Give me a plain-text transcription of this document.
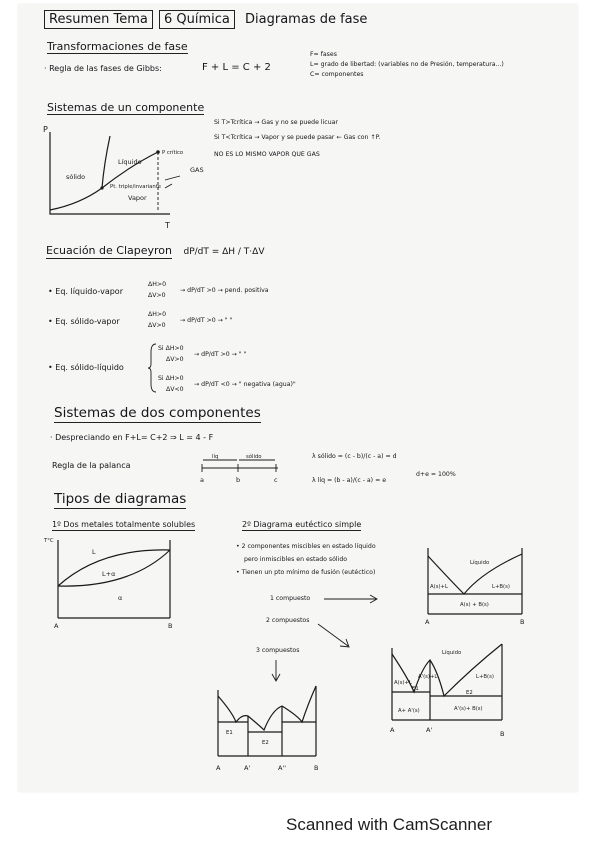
Resumen Tema 6 Química Diagramas de fase
Transformaciones de fase
· Regla de las fases de Gibbs:	F + L = C + 2
F= fases
L= grado de libertad: (variables no de Presión, temperatura...)
C= componentes
Sistemas de un componente
Si T>Tcrítica → Gas y no se puede licuar
Si T<Tcrítica → Vapor y se puede pasar ← Gas con ↑P.
NO ES LO MISMO VAPOR QUE GAS
P
T
sólido
Líquido
P crítico
GAS
Pt. triple/invariante
Vapor
Ecuación de Clapeyron dP/dT = ΔH / T·ΔV
• Eq. líquido-vapor
ΔH>0
ΔV>0
→ dP/dT >0 → pend. positiva
• Eq. sólido-vapor
ΔH>0
ΔV>0
→ dP/dT >0 → " "
• Eq. sólido-líquido
Si ΔH>0
ΔV>0
→ dP/dT >0 → " "
Si ΔH>0
ΔV<0
→ dP/dT <0 → " negativa (agua)"
Sistemas de dos componentes
· Despreciando en F+L= C+2 ⇒ L = 4 - F
Regla de la palanca
líq	sólido
a	b	c
λ sólido = (c - b)/(c - a) = d
λ líq = (b - a)/(c - a) = e
d+e = 100%
Tipos de diagramas
1º Dos metales totalmente solubles
T°C
L
L+α
α
A	B
2º Diagrama eutéctico simple
• 2 componentes miscibles en estado líquido
pero inmiscibles en estado sólido
• Tienen un pto mínimo de fusión (eutéctico)
1 compuesto
2 compuestos
3 compuestos
Líquido
A(s)+L	L+B(s)
A(s) + B(s)
A	B
Líquido
A(s)+L
A'(s)+L	L+B(s)
E1
E2
A+ A'(s)	A'(s)+ B(s)
A	A'	B
E1
E2
A	A'	A''	B
Scanned with CamScanner
